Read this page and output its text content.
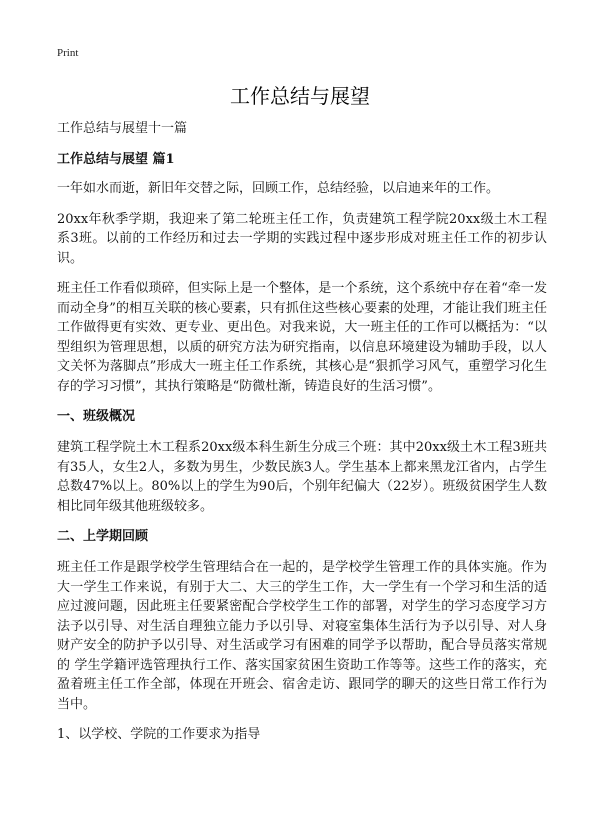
Print
工作总结与展望

工作总结与展望十一篇

工作总结与展望 篇1

一年如水而逝，新旧年交替之际，回顾工作，总结经验，以启迪来年的工作。

20xx年秋季学期，我迎来了第二轮班主任工作，负责建筑工程学院20xx级土木工程系3班。以前的工作经历和过去一学期的实践过程中逐步形成对班主任工作的初步认识。

班主任工作看似琐碎，但实际上是一个整体，是一个系统，这个系统中存在着“牵一发而动全身”的相互关联的核心要素，只有抓住这些核心要素的处理，才能让我们班主任工作做得更有实效、更专业、更出色。对我来说，大一班主任的工作可以概括为：“以型组织为管理思想，以质的研究方法为研究指南，以信息环境建设为辅助手段，以人文关怀为落脚点”形成大一班主任工作系统，其核心是“狠抓学习风气，重塑学习化生存的学习习惯”，其执行策略是“防微杜渐，铸造良好的生活习惯”。

一、班级概况

建筑工程学院土木工程系20xx级本科生新生分成三个班：其中20xx级土木工程3班共有35人，女生2人，多数为男生，少数民族3人。学生基本上都来黑龙江省内，占学生总数47%以上。80%以上的学生为90后，个别年纪偏大（22岁）。班级贫困学生人数相比同年级其他班级较多。

二、上学期回顾

班主任工作是跟学校学生管理结合在一起的，是学校学生管理工作的具体实施。作为大一学生工作来说，有别于大二、大三的学生工作，大一学生有一个学习和生活的适应过渡问题，因此班主任要紧密配合学校学生工作的部署，对学生的学习态度学习方法予以引导、对生活自理独立能力予以引导、对寝室集体生活行为予以引导、对人身财产安全的防护予以引导、对生活或学习有困难的同学予以帮助，配合导员落实常规的 学生学籍评选管理执行工作、落实国家贫困生资助工作等等。这些工作的落实，充盈着班主任工作全部，体现在开班会、宿舍走访、跟同学的聊天的这些日常工作行为当中。

1、以学校、学院的工作要求为指导
